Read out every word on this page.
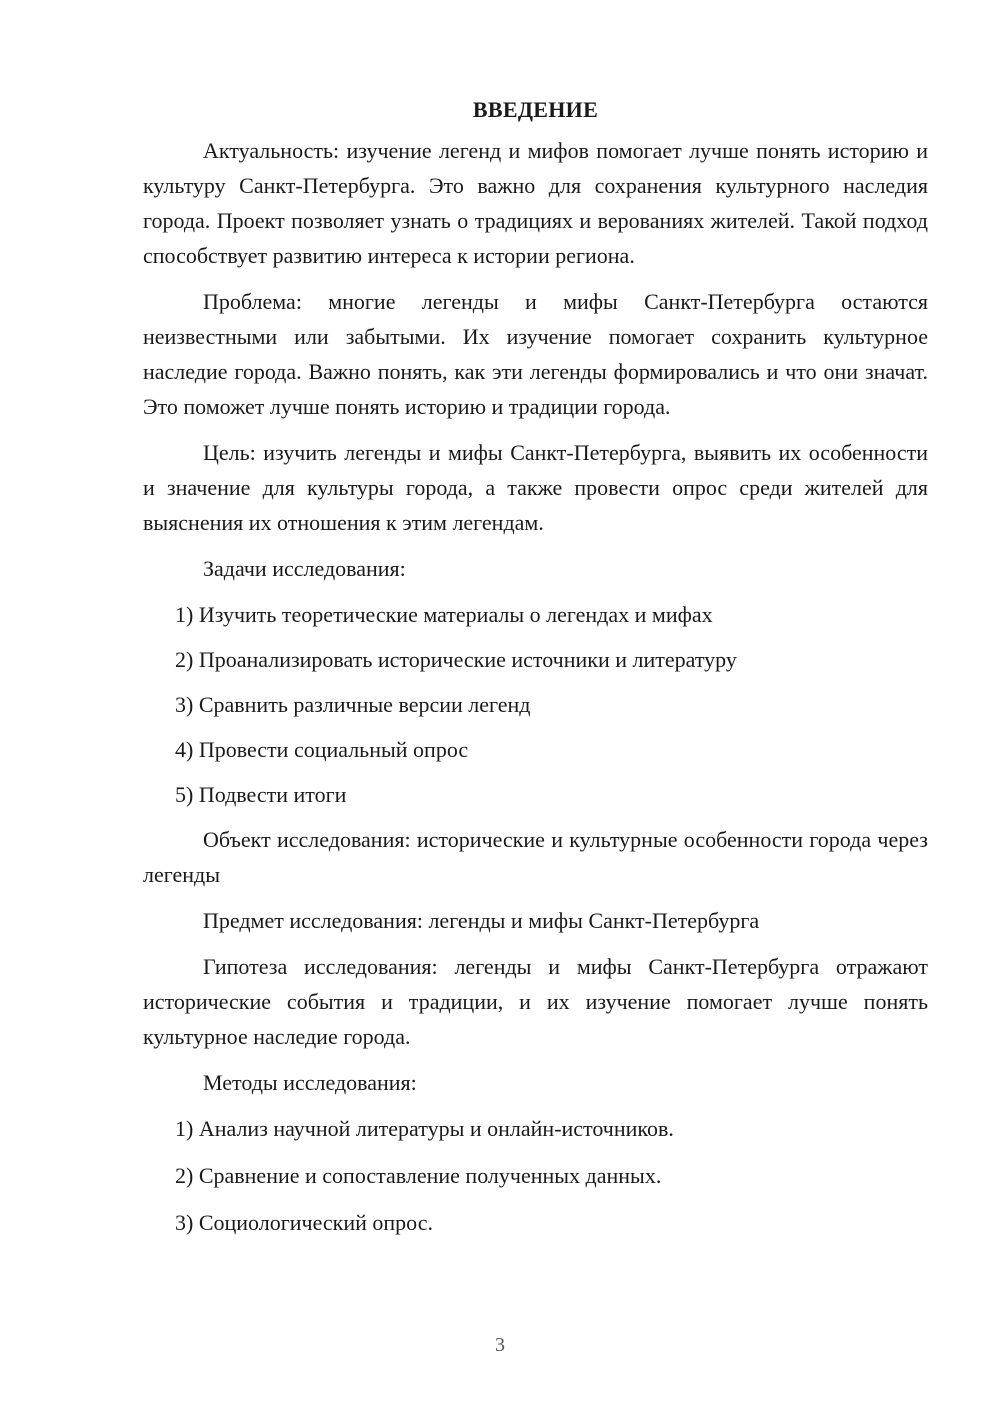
ВВЕДЕНИЕ

Актуальность: изучение легенд и мифов помогает лучше понять историю и культуру Санкт-Петербурга. Это важно для сохранения культурного наследия города. Проект позволяет узнать о традициях и верованиях жителей. Такой подход способствует развитию интереса к истории региона.

Проблема: многие легенды и мифы Санкт-Петербурга остаются неизвестными или забытыми. Их изучение помогает сохранить культурное наследие города. Важно понять, как эти легенды формировались и что они значат. Это поможет лучше понять историю и традиции города.

Цель: изучить легенды и мифы Санкт-Петербурга, выявить их особенности и значение для культуры города, а также провести опрос среди жителей для выяснения их отношения к этим легендам.

Задачи исследования:

1) Изучить теоретические материалы о легендах и мифах
2) Проанализировать исторические источники и литературу
3) Сравнить различные версии легенд
4) Провести социальный опрос
5) Подвести итоги

Объект исследования: исторические и культурные особенности города через легенды

Предмет исследования: легенды и мифы Санкт-Петербурга

Гипотеза исследования: легенды и мифы Санкт-Петербурга отражают исторические события и традиции, и их изучение помогает лучше понять культурное наследие города.

Методы исследования:

1) Анализ научной литературы и онлайн-источников.
2) Сравнение и сопоставление полученных данных.
3) Социологический опрос.
3
